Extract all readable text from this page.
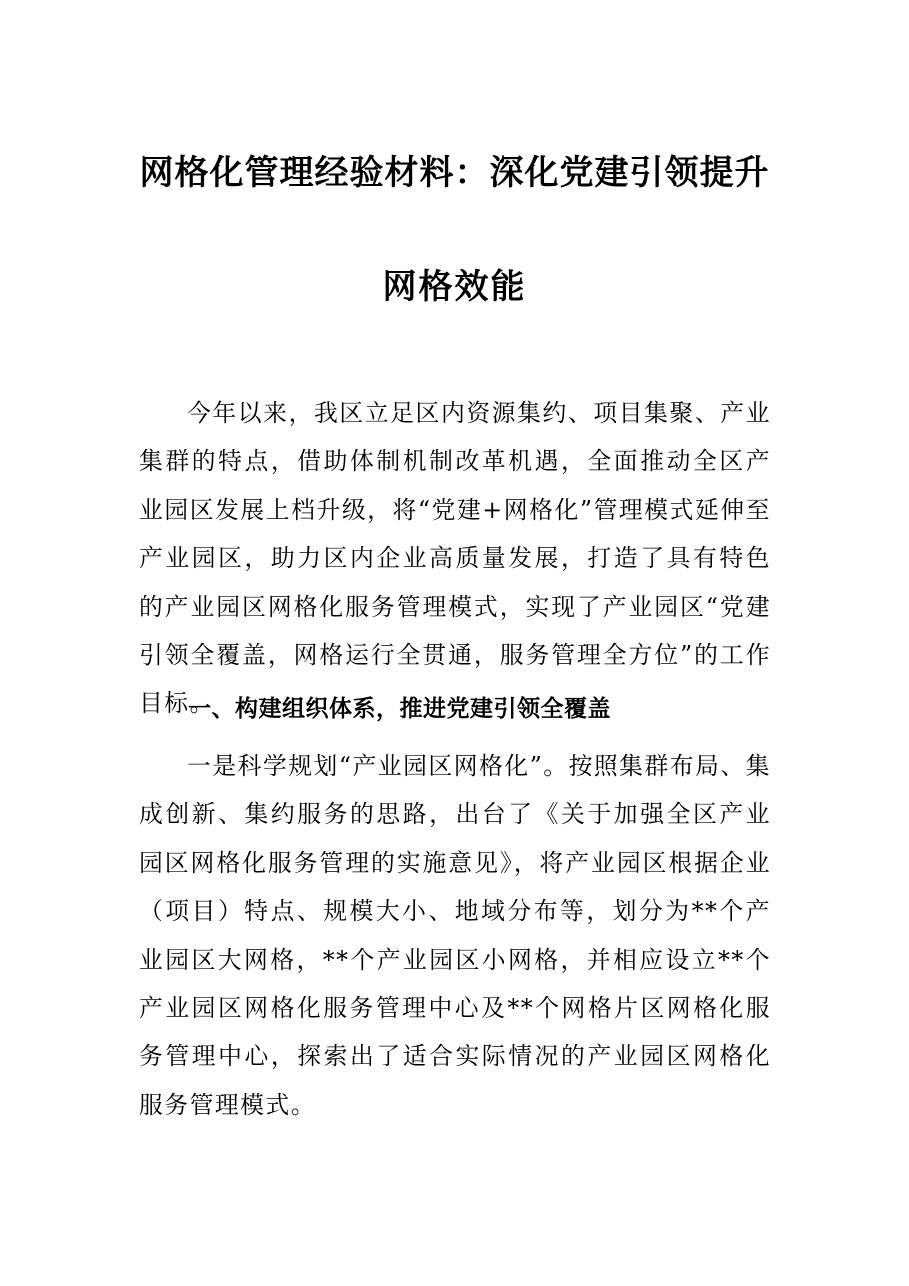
网格化管理经验材料：深化党建引领提升
网格效能

今年以来，我区立足区内资源集约、项目集聚、产业集群的特点，借助体制机制改革机遇，全面推动全区产业园区发展上档升级，将“党建+网格化”管理模式延伸至产业园区，助力区内企业高质量发展，打造了具有特色的产业园区网格化服务管理模式，实现了产业园区“党建引领全覆盖，网格运行全贯通，服务管理全方位”的工作目标。

一、构建组织体系，推进党建引领全覆盖

一是科学规划“产业园区网格化”。按照集群布局、集成创新、集约服务的思路，出台了《关于加强全区产业园区网格化服务管理的实施意见》，将产业园区根据企业（项目）特点、规模大小、地域分布等，划分为**个产业园区大网格，**个产业园区小网格，并相应设立**个产业园区网格化服务管理中心及**个网格片区网格化服务管理中心，探索出了适合实际情况的产业园区网格化服务管理模式。
